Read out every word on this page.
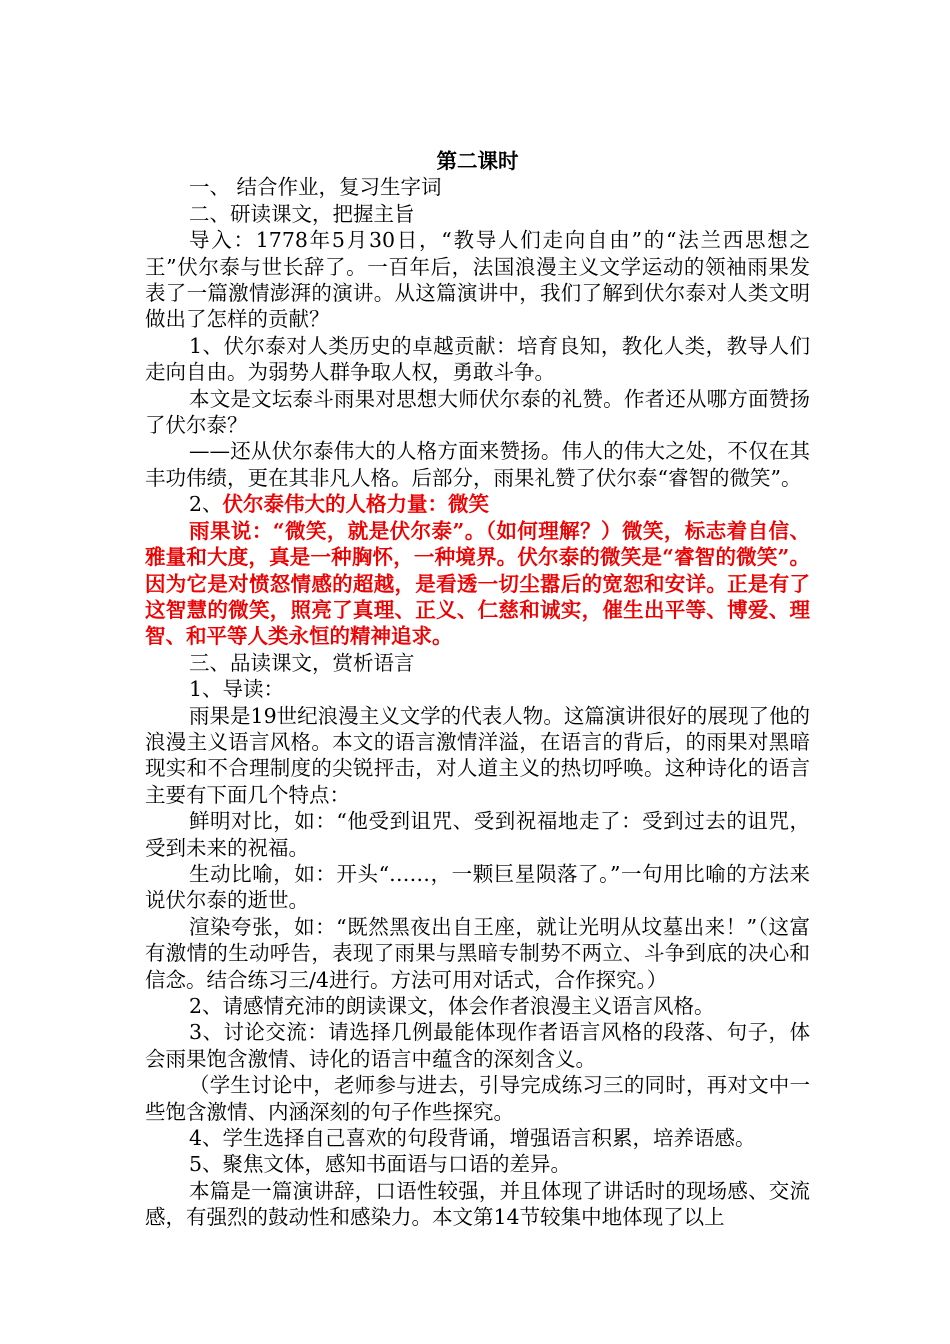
第二课时

一、 结合作业，复习生字词

二、研读课文，把握主旨

导入：1778年5月30日，“教导人们走向自由”的“法兰西思想之王”伏尔泰与世长辞了。一百年后，法国浪漫主义文学运动的领袖雨果发表了一篇激情澎湃的演讲。从这篇演讲中，我们了解到伏尔泰对人类文明做出了怎样的贡献？

1、伏尔泰对人类历史的卓越贡献：培育良知，教化人类，教导人们走向自由。为弱势人群争取人权，勇敢斗争。

本文是文坛泰斗雨果对思想大师伏尔泰的礼赞。作者还从哪方面赞扬了伏尔泰？

——还从伏尔泰伟大的人格方面来赞扬。伟人的伟大之处，不仅在其丰功伟绩，更在其非凡人格。后部分，雨果礼赞了伏尔泰“睿智的微笑”。

2、伏尔泰伟大的人格力量：微笑

雨果说：“微笑，就是伏尔泰”。（如何理解？）微笑，标志着自信、雅量和大度，真是一种胸怀，一种境界。伏尔泰的微笑是“睿智的微笑”。因为它是对愤怒情感的超越，是看透一切尘嚣后的宽恕和安详。正是有了这智慧的微笑，照亮了真理、正义、仁慈和诚实，催生出平等、博爱、理智、和平等人类永恒的精神追求。

三、品读课文，赏析语言

1、导读：

雨果是19世纪浪漫主义文学的代表人物。这篇演讲很好的展现了他的浪漫主义语言风格。本文的语言激情洋溢，在语言的背后，的雨果对黑暗现实和不合理制度的尖锐抨击，对人道主义的热切呼唤。这种诗化的语言主要有下面几个特点：

鲜明对比，如：“他受到诅咒、受到祝福地走了：受到过去的诅咒，受到未来的祝福。

生动比喻，如：开头“……，一颗巨星陨落了。”一句用比喻的方法来说伏尔泰的逝世。

渲染夸张，如：“既然黑夜出自王座，就让光明从坟墓出来！”（这富有激情的生动呼告，表现了雨果与黑暗专制势不两立、斗争到底的决心和信念。结合练习三/4进行。方法可用对话式，合作探究。）

2、请感情充沛的朗读课文，体会作者浪漫主义语言风格。

3、讨论交流：请选择几例最能体现作者语言风格的段落、句子，体会雨果饱含激情、诗化的语言中蕴含的深刻含义。

（学生讨论中，老师参与进去，引导完成练习三的同时，再对文中一些饱含激情、内涵深刻的句子作些探究。

4、学生选择自己喜欢的句段背诵，增强语言积累，培养语感。

5、聚焦文体，感知书面语与口语的差异。

本篇是一篇演讲辞，口语性较强，并且体现了讲话时的现场感、交流感，有强烈的鼓动性和感染力。本文第14节较集中地体现了以上
